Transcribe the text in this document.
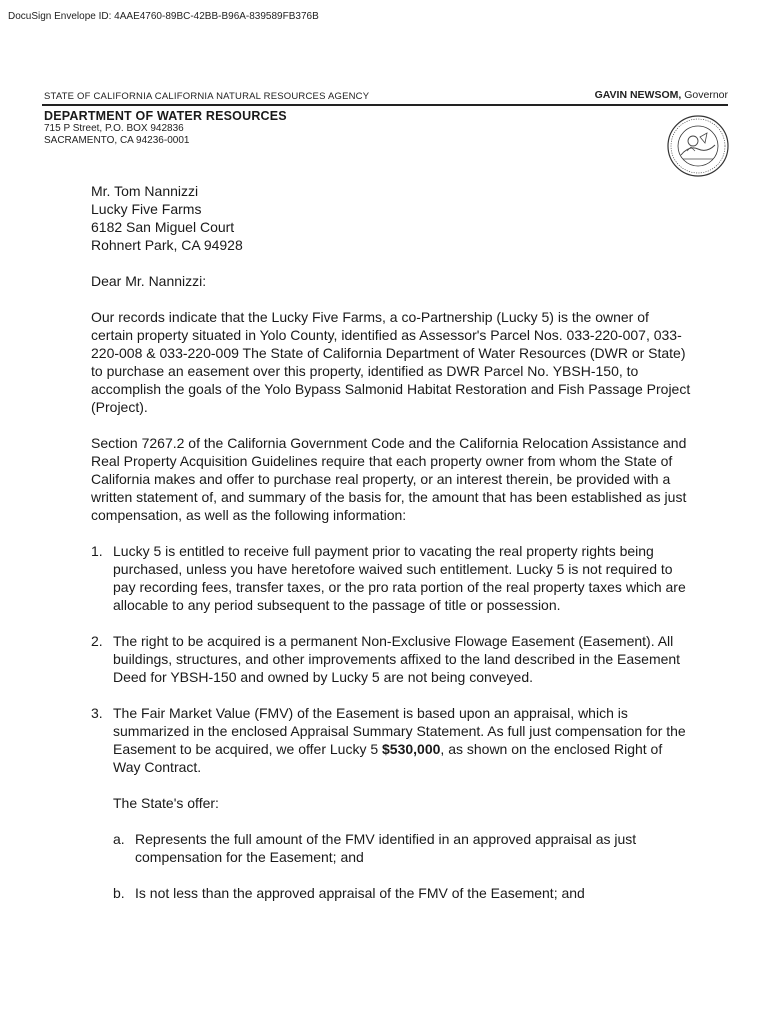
DocuSign Envelope ID: 4AAE4760-89BC-42BB-B96A-839589FB376B
STATE OF CALIFORNIA CALIFORNIA NATURAL RESOURCES AGENCY	GAVIN NEWSOM, Governor
DEPARTMENT OF WATER RESOURCES
715 P Street, P.O. BOX 942836
SACRAMENTO, CA 94236-0001

Mr. Tom Nannizzi
Lucky Five Farms
6182 San Miguel Court
Rohnert Park, CA 94928

Dear Mr. Nannizzi:

Our records indicate that the Lucky Five Farms, a co-Partnership (Lucky 5) is the owner of certain property situated in Yolo County, identified as Assessor's Parcel Nos. 033-220-007, 033-220-008 & 033-220-009 The State of California Department of Water Resources (DWR or State) to purchase an easement over this property, identified as DWR Parcel No. YBSH-150, to accomplish the goals of the Yolo Bypass Salmonid Habitat Restoration and Fish Passage Project (Project).

Section 7267.2 of the California Government Code and the California Relocation Assistance and Real Property Acquisition Guidelines require that each property owner from whom the State of California makes and offer to purchase real property, or an interest therein, be provided with a written statement of, and summary of the basis for, the amount that has been established as just compensation, as well as the following information:

1. Lucky 5 is entitled to receive full payment prior to vacating the real property rights being purchased, unless you have heretofore waived such entitlement. Lucky 5 is not required to pay recording fees, transfer taxes, or the pro rata portion of the real property taxes which are allocable to any period subsequent to the passage of title or possession.
2. The right to be acquired is a permanent Non-Exclusive Flowage Easement (Easement). All buildings, structures, and other improvements affixed to the land described in the Easement Deed for YBSH-150 and owned by Lucky 5 are not being conveyed.
3. The Fair Market Value (FMV) of the Easement is based upon an appraisal, which is summarized in the enclosed Appraisal Summary Statement. As full just compensation for the Easement to be acquired, we offer Lucky 5 $530,000, as shown on the enclosed Right of Way Contract.

The State's offer:

a. Represents the full amount of the FMV identified in an approved appraisal as just compensation for the Easement; and
b. Is not less than the approved appraisal of the FMV of the Easement; and
